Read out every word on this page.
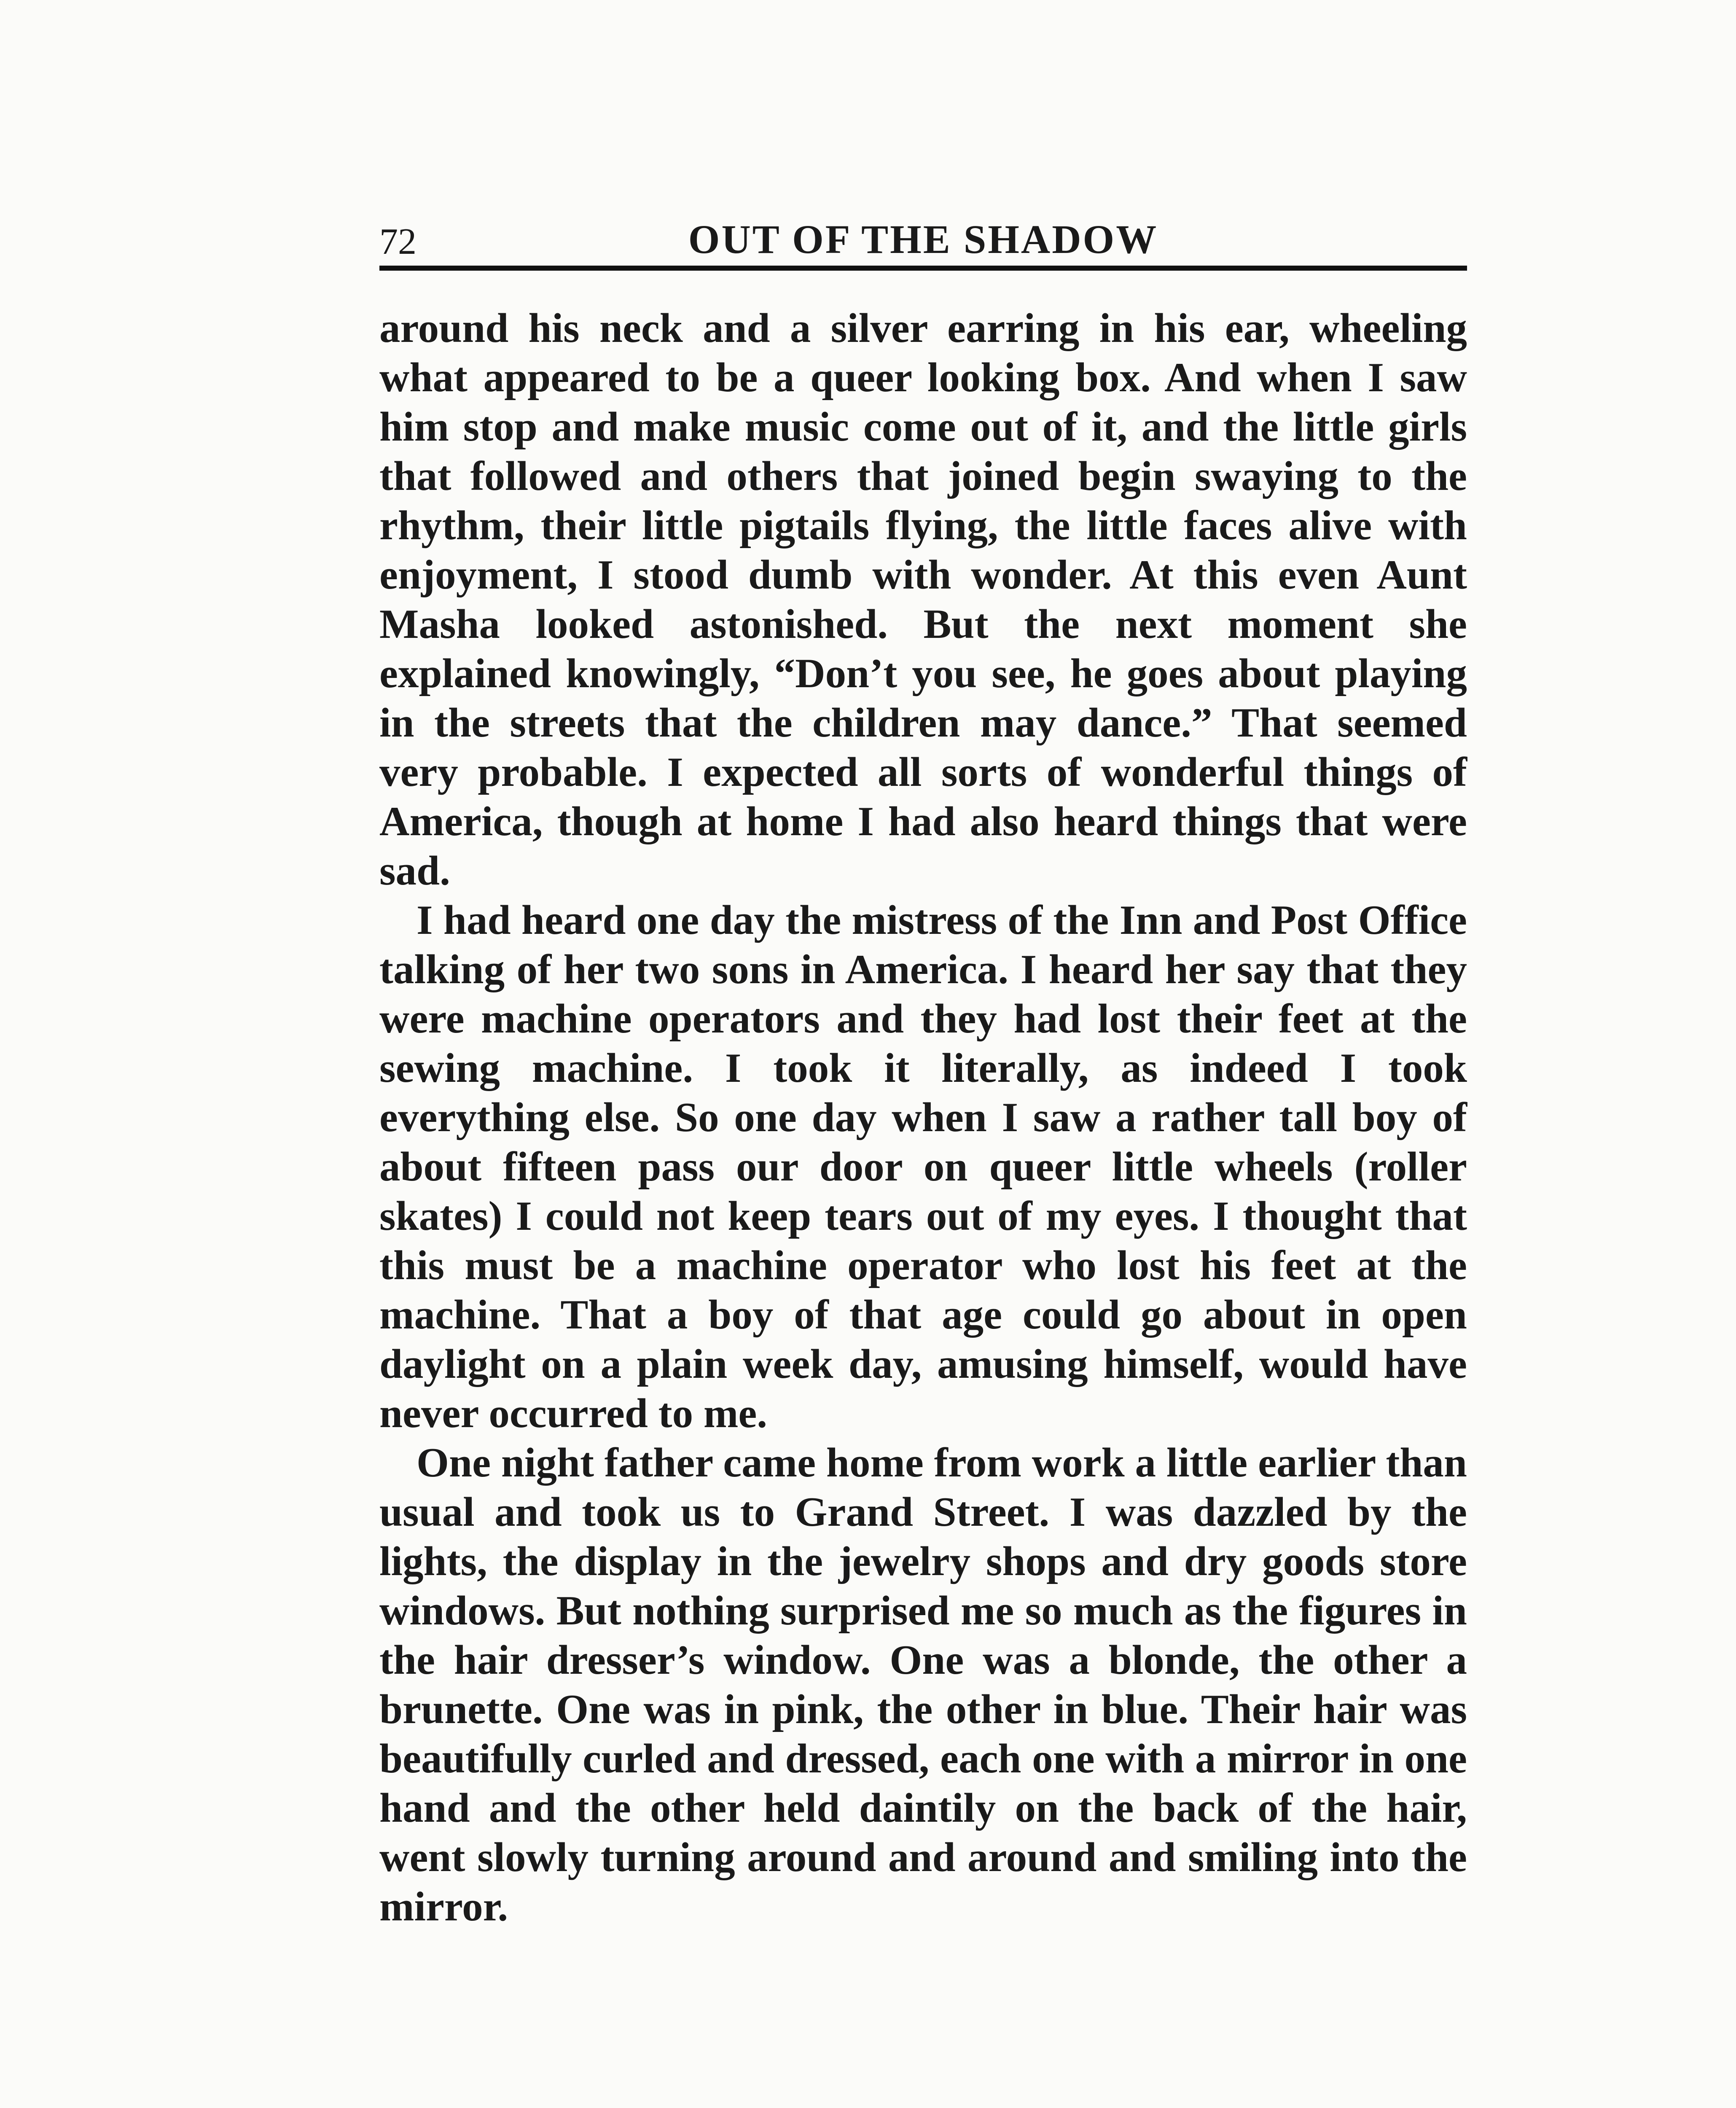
72	OUT OF THE SHADOW

around his neck and a silver earring in his ear, wheeling what appeared to be a queer looking box. And when I saw him stop and make music come out of it, and the little girls that followed and others that joined begin swaying to the rhythm, their little pigtails flying, the little faces alive with enjoyment, I stood dumb with wonder. At this even Aunt Masha looked astonished. But the next moment she explained knowingly, “Don’t you see, he goes about playing in the streets that the children may dance.” That seemed very probable. I expected all sorts of wonderful things of America, though at home I had also heard things that were sad.

I had heard one day the mistress of the Inn and Post Office talking of her two sons in America. I heard her say that they were machine operators and they had lost their feet at the sewing machine. I took it literally, as indeed I took everything else. So one day when I saw a rather tall boy of about fifteen pass our door on queer little wheels (roller skates) I could not keep tears out of my eyes. I thought that this must be a machine operator who lost his feet at the machine. That a boy of that age could go about in open daylight on a plain week day, amusing himself, would have never occurred to me.

One night father came home from work a little earlier than usual and took us to Grand Street. I was dazzled by the lights, the display in the jewelry shops and dry goods store windows. But nothing surprised me so much as the figures in the hair dresser’s window. One was a blonde, the other a brunette. One was in pink, the other in blue. Their hair was beautifully curled and dressed, each one with a mirror in one hand and the other held daintily on the back of the hair, went slowly turning around and around and smiling into the mirror.
